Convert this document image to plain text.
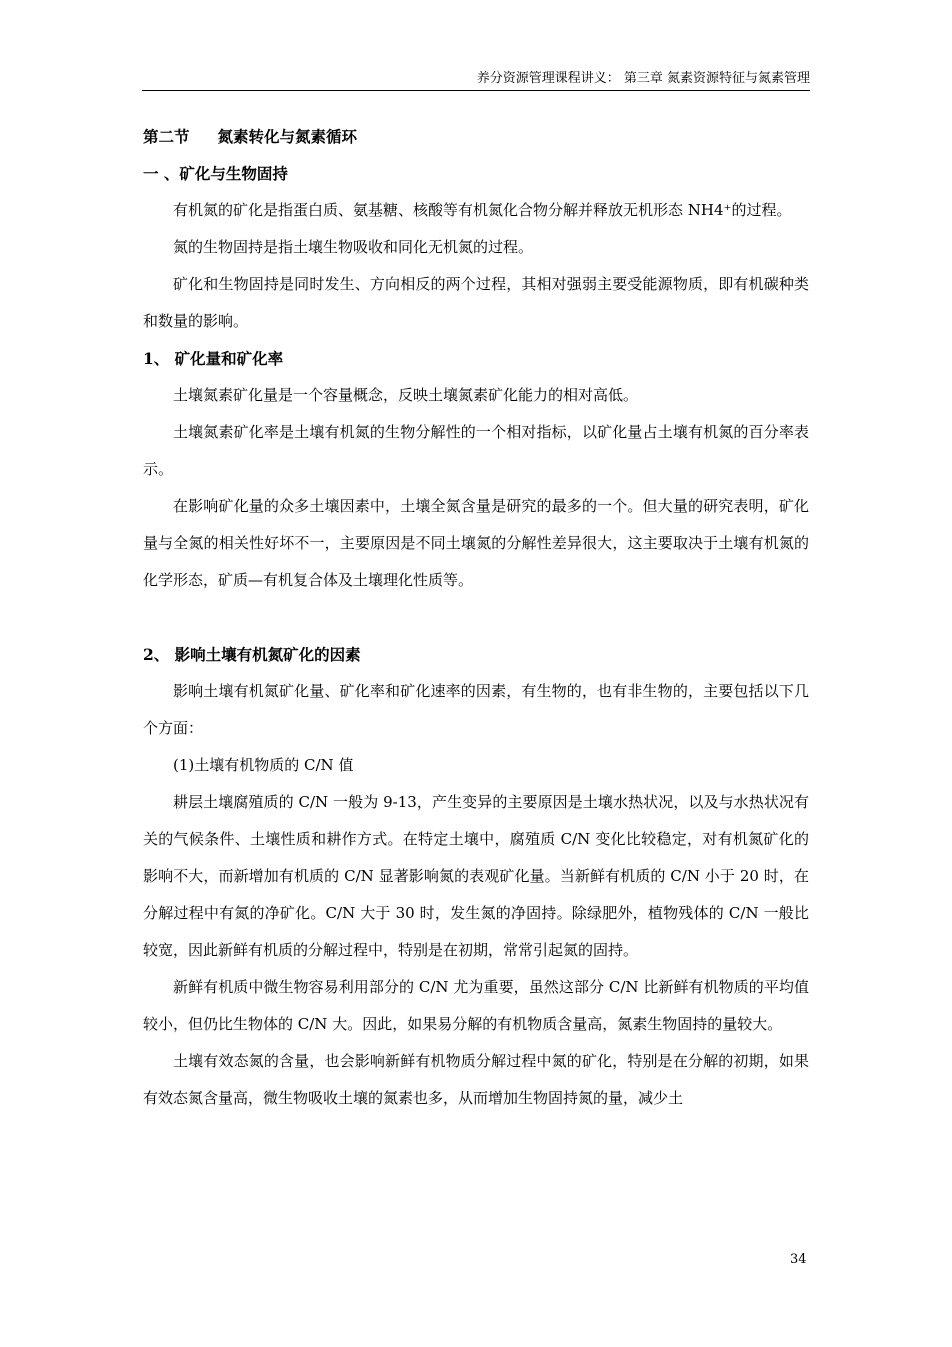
养分资源管理课程讲义： 第三章 氮素资源特征与氮素管理
第二节 氮素转化与氮素循环
一 、矿化与生物固持

有机氮的矿化是指蛋白质、氨基糖、核酸等有机氮化合物分解并释放无机形态 NH4⁺的过程。

氮的生物固持是指土壤生物吸收和同化无机氮的过程。

矿化和生物固持是同时发生、方向相反的两个过程，其相对强弱主要受能源物质，即有机碳种类和数量的影响。

1、 矿化量和矿化率

土壤氮素矿化量是一个容量概念，反映土壤氮素矿化能力的相对高低。

土壤氮素矿化率是土壤有机氮的生物分解性的一个相对指标，以矿化量占土壤有机氮的百分率表示。

在影响矿化量的众多土壤因素中，土壤全氮含量是研究的最多的一个。但大量的研究表明，矿化量与全氮的相关性好坏不一，主要原因是不同土壤氮的分解性差异很大，这主要取决于土壤有机氮的化学形态，矿质—有机复合体及土壤理化性质等。

2、 影响土壤有机氮矿化的因素

影响土壤有机氮矿化量、矿化率和矿化速率的因素，有生物的，也有非生物的，主要包括以下几个方面：

(1)土壤有机物质的 C/N 值

耕层土壤腐殖质的 C/N 一般为 9-13，产生变异的主要原因是土壤水热状况，以及与水热状况有关的气候条件、土壤性质和耕作方式。在特定土壤中，腐殖质 C/N 变化比较稳定，对有机氮矿化的影响不大，而新增加有机质的 C/N 显著影响氮的表观矿化量。当新鲜有机质的 C/N 小于 20 时，在分解过程中有氮的净矿化。C/N 大于 30 时，发生氮的净固持。除绿肥外，植物残体的 C/N 一般比较宽，因此新鲜有机质的分解过程中，特别是在初期，常常引起氮的固持。

新鲜有机质中微生物容易利用部分的 C/N 尤为重要，虽然这部分 C/N 比新鲜有机物质的平均值较小，但仍比生物体的 C/N 大。因此，如果易分解的有机物质含量高，氮素生物固持的量较大。

土壤有效态氮的含量，也会影响新鲜有机物质分解过程中氮的矿化，特别是在分解的初期，如果有效态氮含量高，微生物吸收土壤的氮素也多，从而增加生物固持氮的量，减少土

34
